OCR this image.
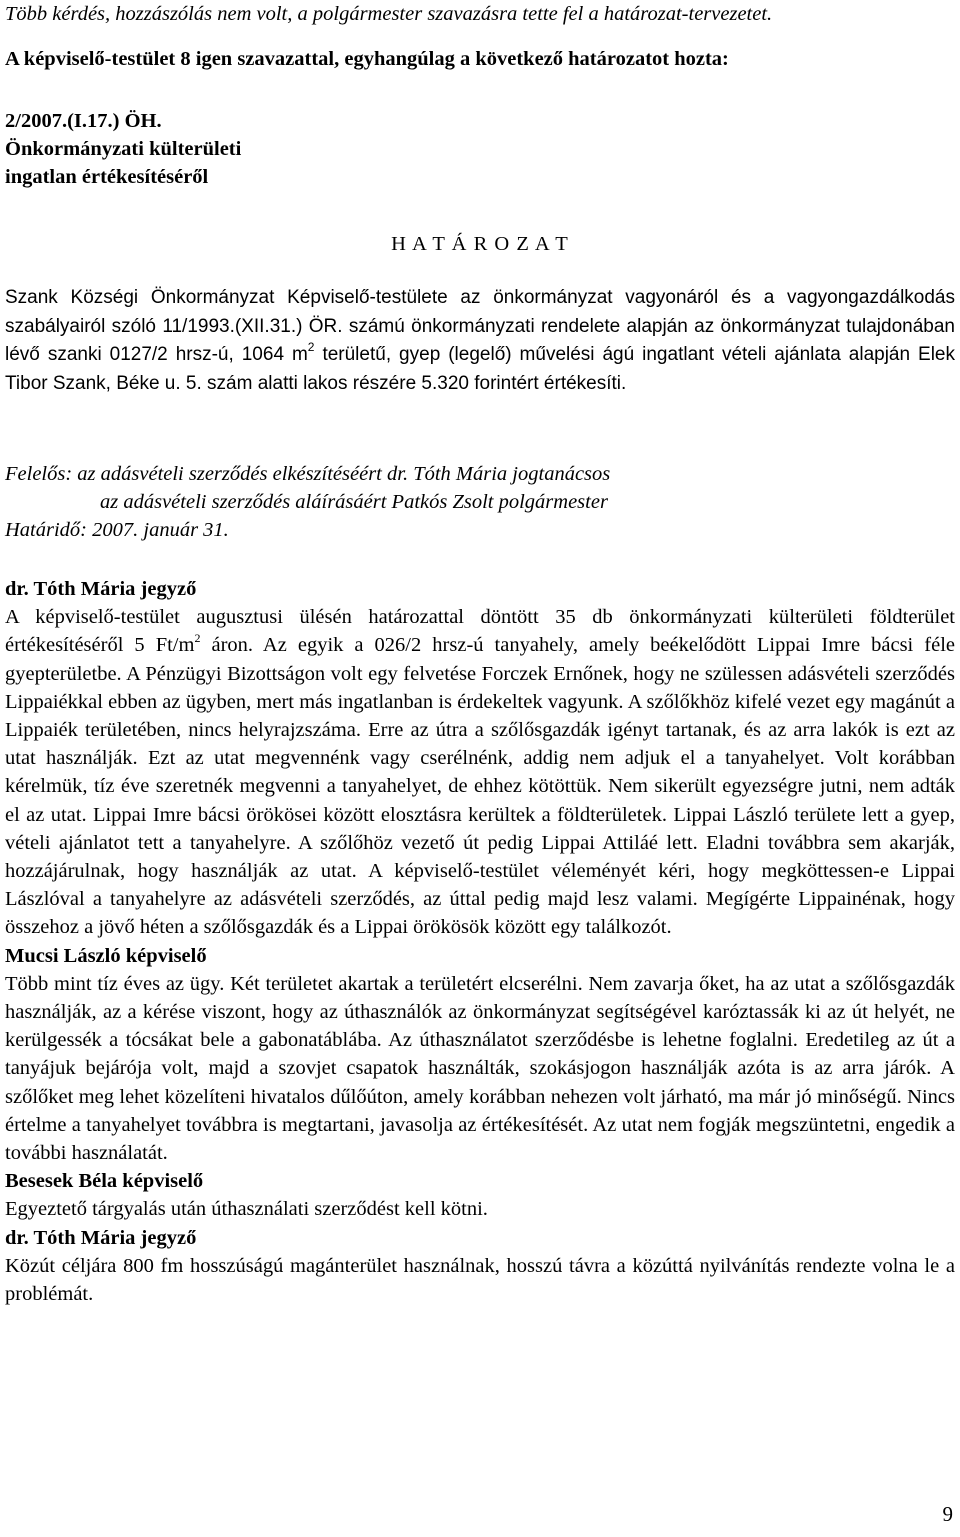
Több kérdés, hozzászólás nem volt, a polgármester szavazásra tette fel a határozat-tervezetet.

A képviselő-testület 8 igen szavazattal, egyhangúlag a következő határozatot hozta:

2/2007.(I.17.) ÖH.

Önkormányzati külterületi

ingatlan értékesítéséről

H A T Á R O Z A T

Szank Községi Önkormányzat Képviselő-testülete az önkormányzat vagyonáról és a vagyongazdálkodás szabályairól szóló 11/1993.(XII.31.) ÖR. számú önkormányzati rendelete alapján az önkormányzat tulajdonában lévő szanki 0127/2 hrsz-ú, 1064 $m^2$ területű, gyep (legelő) művelési ágú ingatlant vételi ajánlata alapján Elek Tibor Szank, Béke u. 5. szám alatti lakos részére 5.320 forintért értékesíti.

Felelős: az adásvételi szerződés elkészítéséért dr. Tóth Mária jogtanácsos

az adásvételi szerződés aláírásáért Patkós Zsolt polgármester

Határidő: 2007. január 31.

dr. Tóth Mária jegyző

A képviselő-testület augusztusi ülésén határozattal döntött 35 db önkormányzati külterületi földterület értékesítéséről 5 $Ft/m^2$ áron. Az egyik a 026/2 hrsz-ú tanyahely, amely beékelődött Lippai Imre bácsi féle gyepterületbe. A Pénzügyi Bizottságon volt egy felvetése Forczek Ernőnek, hogy ne szülessen adásvételi szerződés Lippaiékkal ebben az ügyben, mert más ingatlanban is érdekeltek vagyunk. A szőlőkhöz kifelé vezet egy magánút a Lippaiék területében, nincs helyrajzszáma. Erre az útra a szőlősgazdák igényt tartanak, és az arra lakók is ezt az utat használják. Ezt az utat megvennénk vagy cserélnénk, addig nem adjuk el a tanyahelyet. Volt korábban kérelmük, tíz éve szeretnék megvenni a tanyahelyet, de ehhez kötöttük. Nem sikerült egyezségre jutni, nem adták el az utat. Lippai Imre bácsi örökösei között elosztásra kerültek a földterületek. Lippai László területe lett a gyep, vételi ajánlatot tett a tanyahelyre. A szőlőhöz vezető út pedig Lippai Attiláé lett. Eladni továbbra sem akarják, hozzájárulnak, hogy használják az utat. A képviselő-testület véleményét kéri, hogy megköttessen-e Lippai Lászlóval a tanyahelyre az adásvételi szerződés, az úttal pedig majd lesz valami. Megígérte Lippainénak, hogy összehoz a jövő héten a szőlősgazdák és a Lippai örökösök között egy találkozót.

Mucsi László képviselő

Több mint tíz éves az ügy. Két területet akartak a területért elcserélni. Nem zavarja őket, ha az utat a szőlősgazdák használják, az a kérése viszont, hogy az úthasználók az önkormányzat segítségével karóztassák ki az út helyét, ne kerülgessék a tócsákat bele a gabonatáblába. Az úthasználatot szerződésbe is lehetne foglalni. Eredetileg az út a tanyájuk bejárója volt, majd a szovjet csapatok használták, szokásjogon használják azóta is az arra járók. A szőlőket meg lehet közelíteni hivatalos dűlőúton, amely korábban nehezen volt járható, ma már jó minőségű. Nincs értelme a tanyahelyet továbbra is megtartani, javasolja az értékesítését. Az utat nem fogják megszüntetni, engedik a további használatát.

Besesek Béla képviselő

Egyeztető tárgyalás után úthasználati szerződést kell kötni.

dr. Tóth Mária jegyző

Közút céljára 800 fm hosszúságú magánterület használnak, hosszú távra a közúttá nyilvánítás rendezte volna le a problémát.

9
